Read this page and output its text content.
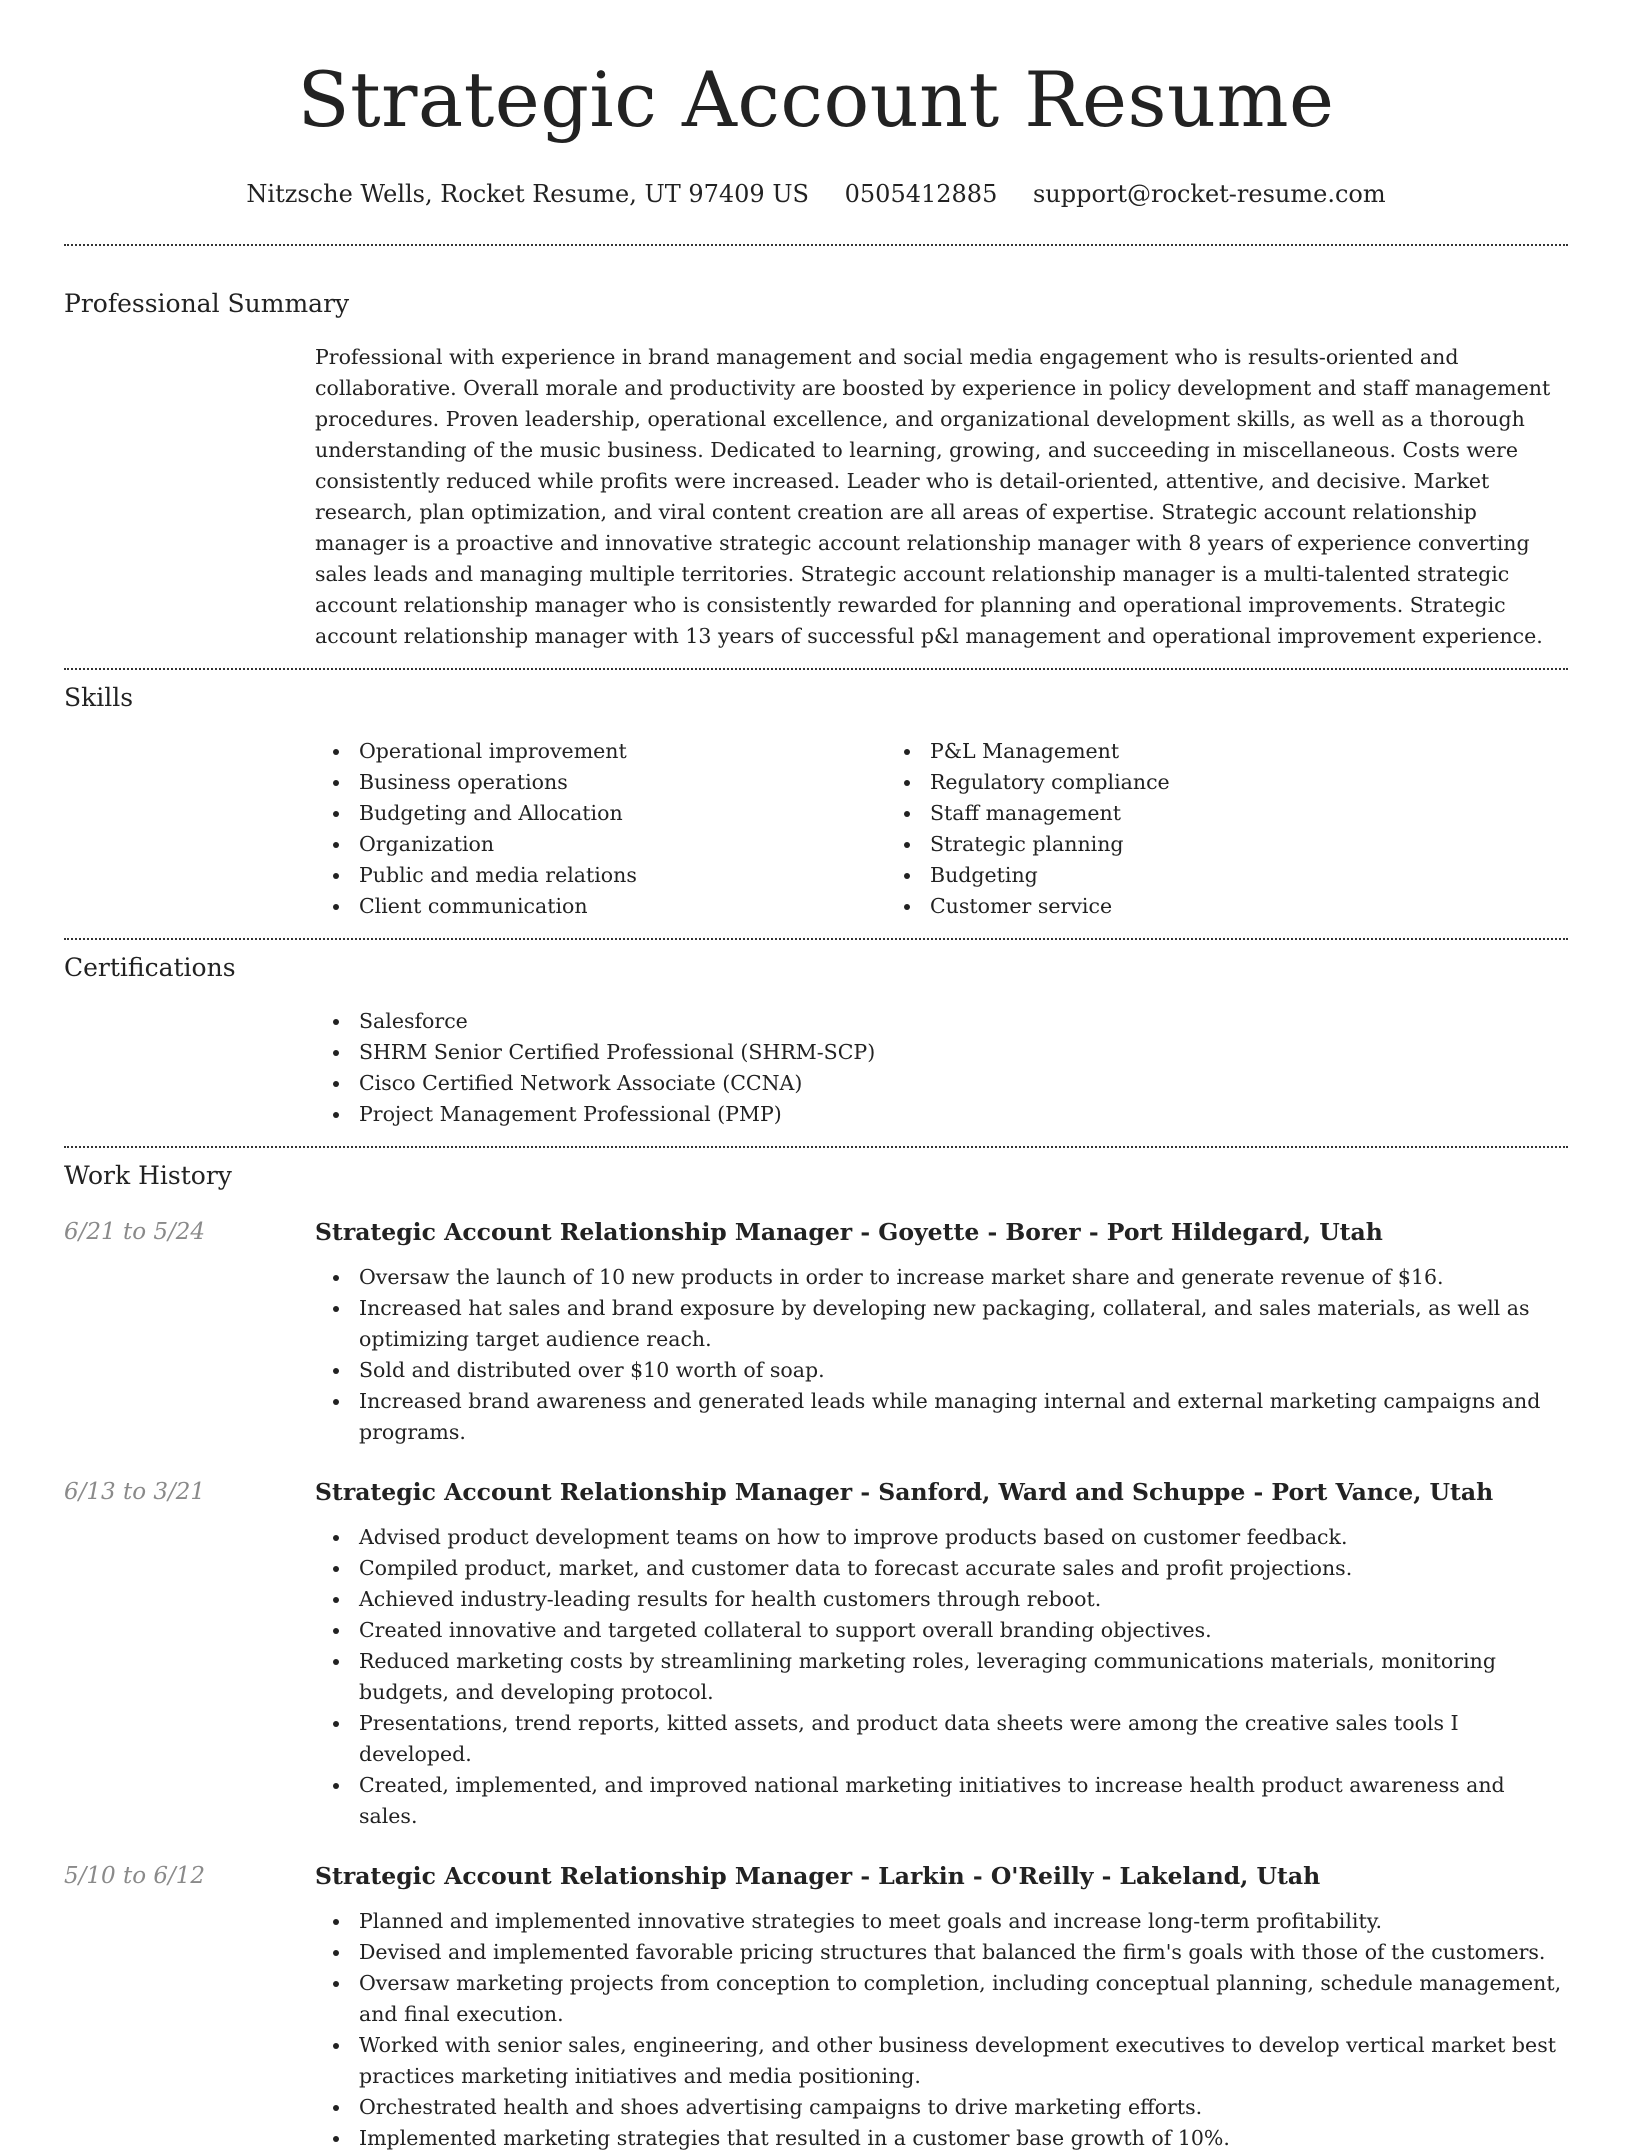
Strategic Account Resume
Nitzsche Wells, Rocket Resume, UT 97409 US 0505412885 support@rocket-resume.com
Professional Summary

Professional with experience in brand management and social media engagement who is results-oriented and collaborative. Overall morale and productivity are boosted by experience in policy development and staff management procedures. Proven leadership, operational excellence, and organizational development skills, as well as a thorough understanding of the music business. Dedicated to learning, growing, and succeeding in miscellaneous. Costs were consistently reduced while profits were increased. Leader who is detail-oriented, attentive, and decisive. Market research, plan optimization, and viral content creation are all areas of expertise. Strategic account relationship manager is a proactive and innovative strategic account relationship manager with 8 years of experience converting sales leads and managing multiple territories. Strategic account relationship manager is a multi-talented strategic account relationship manager who is consistently rewarded for planning and operational improvements. Strategic account relationship manager with 13 years of successful p&l management and operational improvement experience.

Skills
Operational improvement
Business operations
Budgeting and Allocation
Organization
Public and media relations
Client communication
P&L Management
Regulatory compliance
Staff management
Strategic planning
Budgeting
Customer service
Certifications
Salesforce
SHRM Senior Certified Professional (SHRM-SCP)
Cisco Certified Network Associate (CCNA)
Project Management Professional (PMP)
Work History
6/21 to 5/24	Strategic Account Relationship Manager - Goyette - Borer - Port Hildegard, Utah
Oversaw the launch of 10 new products in order to increase market share and generate revenue of $16.
Increased hat sales and brand exposure by developing new packaging, collateral, and sales materials, as well as optimizing target audience reach.
Sold and distributed over $10 worth of soap.
Increased brand awareness and generated leads while managing internal and external marketing campaigns and programs.
6/13 to 3/21	Strategic Account Relationship Manager - Sanford, Ward and Schuppe - Port Vance, Utah
Advised product development teams on how to improve products based on customer feedback.
Compiled product, market, and customer data to forecast accurate sales and profit projections.
Achieved industry-leading results for health customers through reboot.
Created innovative and targeted collateral to support overall branding objectives.
Reduced marketing costs by streamlining marketing roles, leveraging communications materials, monitoring budgets, and developing protocol.
Presentations, trend reports, kitted assets, and product data sheets were among the creative sales tools I developed.
Created, implemented, and improved national marketing initiatives to increase health product awareness and sales.
5/10 to 6/12	Strategic Account Relationship Manager - Larkin - O'Reilly - Lakeland, Utah
Planned and implemented innovative strategies to meet goals and increase long-term profitability.
Devised and implemented favorable pricing structures that balanced the firm's goals with those of the customers.
Oversaw marketing projects from conception to completion, including conceptual planning, schedule management, and final execution.
Worked with senior sales, engineering, and other business development executives to develop vertical market best practices marketing initiatives and media positioning.
Orchestrated health and shoes advertising campaigns to drive marketing efforts.
Implemented marketing strategies that resulted in a customer base growth of 10%.
